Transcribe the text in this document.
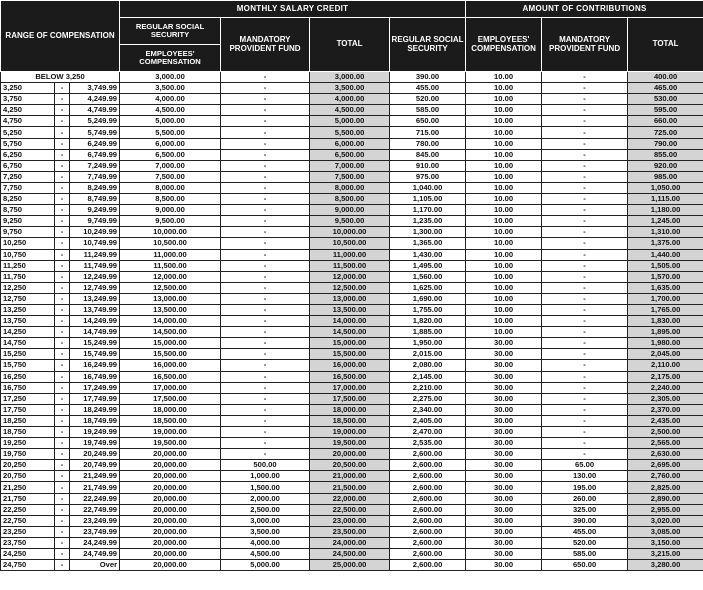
RANGE OF COMPENSATION			MONTHLY SALARY CREDIT				AMOUNT OF CONTRIBUTIONS		
			REGULAR SOCIAL SECURITY	MANDATORY PROVIDENT FUND	TOTAL	REGULAR SOCIAL SECURITY	EMPLOYEES' COMPENSATION	MANDATORY PROVIDENT FUND	TOTAL
			EMPLOYEES' COMPENSATION						
BELOW 3,250			3,000.00	-	3,000.00	390.00	10.00	-	400.00
3,250	-	3,749.99	3,500.00	-	3,500.00	455.00	10.00	-	465.00
3,750	-	4,249.99	4,000.00	-	4,000.00	520.00	10.00	-	530.00
4,250	-	4,749.99	4,500.00	-	4,500.00	585.00	10.00	-	595.00
4,750	-	5,249.99	5,000.00	-	5,000.00	650.00	10.00	-	660.00
5,250	-	5,749.99	5,500.00	-	5,500.00	715.00	10.00	-	725.00
5,750	-	6,249.99	6,000.00	-	6,000.00	780.00	10.00	-	790.00
6,250	-	6,749.99	6,500.00	-	6,500.00	845.00	10.00	-	855.00
6,750	-	7,249.99	7,000.00	-	7,000.00	910.00	10.00	-	920.00
7,250	-	7,749.99	7,500.00	-	7,500.00	975.00	10.00	-	985.00
7,750	-	8,249.99	8,000.00	-	8,000.00	1,040.00	10.00	-	1,050.00
8,250	-	8,749.99	8,500.00	-	8,500.00	1,105.00	10.00	-	1,115.00
8,750	-	9,249.99	9,000.00	-	9,000.00	1,170.00	10.00	-	1,180.00
9,250	-	9,749.99	9,500.00	-	9,500.00	1,235.00	10.00	-	1,245.00
9,750	-	10,249.99	10,000.00	-	10,000.00	1,300.00	10.00	-	1,310.00
10,250	-	10,749.99	10,500.00	-	10,500.00	1,365.00	10.00	-	1,375.00
10,750	-	11,249.99	11,000.00	-	11,000.00	1,430.00	10.00	-	1,440.00
11,250	-	11,749.99	11,500.00	-	11,500.00	1,495.00	10.00	-	1,505.00
11,750	-	12,249.99	12,000.00	-	12,000.00	1,560.00	10.00	-	1,570.00
12,250	-	12,749.99	12,500.00	-	12,500.00	1,625.00	10.00	-	1,635.00
12,750	-	13,249.99	13,000.00	-	13,000.00	1,690.00	10.00	-	1,700.00
13,250	-	13,749.99	13,500.00	-	13,500.00	1,755.00	10.00	-	1,765.00
13,750	-	14,249.99	14,000.00	-	14,000.00	1,820.00	10.00	-	1,830.00
14,250	-	14,749.99	14,500.00	-	14,500.00	1,885.00	10.00	-	1,895.00
14,750	-	15,249.99	15,000.00	-	15,000.00	1,950.00	30.00	-	1,980.00
15,250	-	15,749.99	15,500.00	-	15,500.00	2,015.00	30.00	-	2,045.00
15,750	-	16,249.99	16,000.00	-	16,000.00	2,080.00	30.00	-	2,110.00
16,250	-	16,749.99	16,500.00	-	16,500.00	2,145.00	30.00	-	2,175.00
16,750	-	17,249.99	17,000.00	-	17,000.00	2,210.00	30.00	-	2,240.00
17,250	-	17,749.99	17,500.00	-	17,500.00	2,275.00	30.00	-	2,305.00
17,750	-	18,249.99	18,000.00	-	18,000.00	2,340.00	30.00	-	2,370.00
18,250	-	18,749.99	18,500.00	-	18,500.00	2,405.00	30.00	-	2,435.00
18,750	-	19,249.99	19,000.00	-	19,000.00	2,470.00	30.00	-	2,500.00
19,250	-	19,749.99	19,500.00	-	19,500.00	2,535.00	30.00	-	2,565.00
19,750	-	20,249.99	20,000.00	-	20,000.00	2,600.00	30.00	-	2,630.00
20,250	-	20,749.99	20,000.00	500.00	20,500.00	2,600.00	30.00	65.00	2,695.00
20,750	-	21,249.99	20,000.00	1,000.00	21,000.00	2,600.00	30.00	130.00	2,760.00
21,250	-	21,749.99	20,000.00	1,500.00	21,500.00	2,600.00	30.00	195.00	2,825.00
21,750	-	22,249.99	20,000.00	2,000.00	22,000.00	2,600.00	30.00	260.00	2,890.00
22,250	-	22,749.99	20,000.00	2,500.00	22,500.00	2,600.00	30.00	325.00	2,955.00
22,750	-	23,249.99	20,000.00	3,000.00	23,000.00	2,600.00	30.00	390.00	3,020.00
23,250	-	23,749.99	20,000.00	3,500.00	23,500.00	2,600.00	30.00	455.00	3,085.00
23,750	-	24,249.99	20,000.00	4,000.00	24,000.00	2,600.00	30.00	520.00	3,150.00
24,250	-	24,749.99	20,000.00	4,500.00	24,500.00	2,600.00	30.00	585.00	3,215.00
24,750	-	Over	20,000.00	5,000.00	25,000.00	2,600.00	30.00	650.00	3,280.00
